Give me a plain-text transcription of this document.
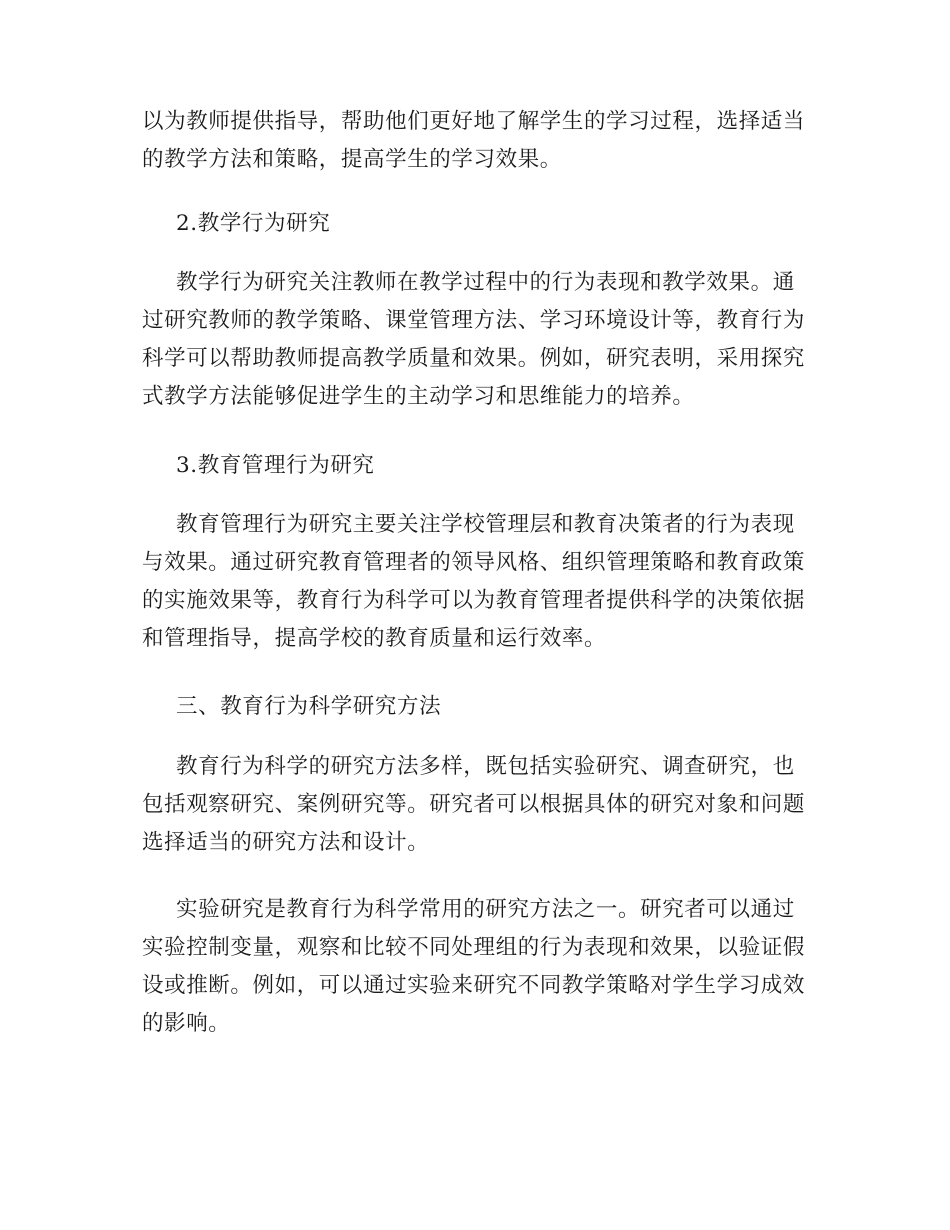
以为教师提供指导，帮助他们更好地了解学生的学习过程，选择适当的教学方法和策略，提高学生的学习效果。

2.教学行为研究

教学行为研究关注教师在教学过程中的行为表现和教学效果。通过研究教师的教学策略、课堂管理方法、学习环境设计等，教育行为科学可以帮助教师提高教学质量和效果。例如，研究表明，采用探究式教学方法能够促进学生的主动学习和思维能力的培养。

3.教育管理行为研究

教育管理行为研究主要关注学校管理层和教育决策者的行为表现与效果。通过研究教育管理者的领导风格、组织管理策略和教育政策的实施效果等，教育行为科学可以为教育管理者提供科学的决策依据和管理指导，提高学校的教育质量和运行效率。

三、教育行为科学研究方法

教育行为科学的研究方法多样，既包括实验研究、调查研究，也包括观察研究、案例研究等。研究者可以根据具体的研究对象和问题选择适当的研究方法和设计。

实验研究是教育行为科学常用的研究方法之一。研究者可以通过实验控制变量，观察和比较不同处理组的行为表现和效果，以验证假设或推断。例如，可以通过实验来研究不同教学策略对学生学习成效的影响。
